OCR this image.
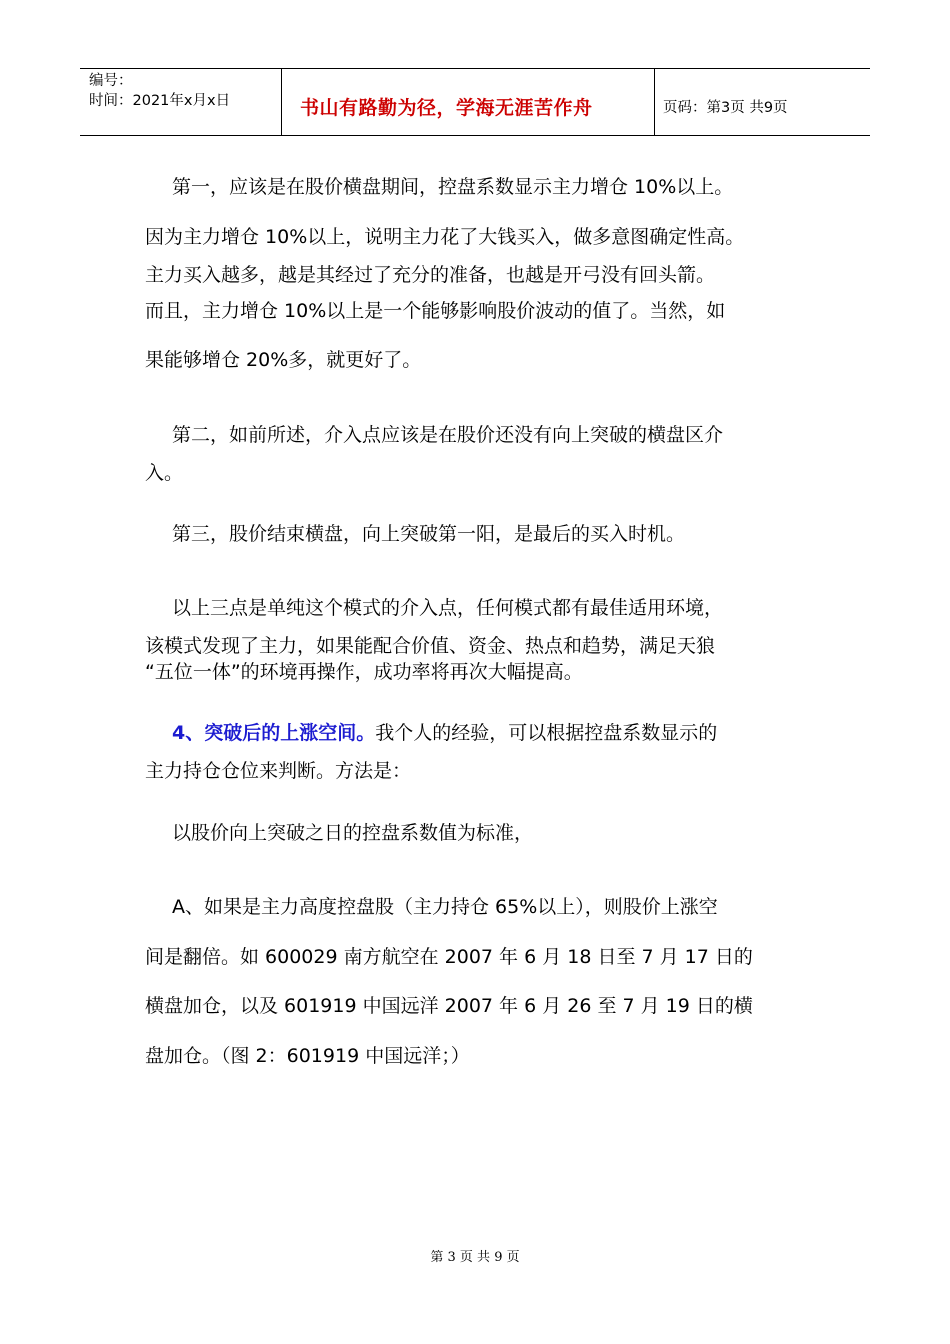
编号：
时间：2021年x月x日	书山有路勤为径，学海无涯苦作舟	页码：第3页 共9页
第一，应该是在股价横盘期间，控盘系数显示主力增仓 10%以上。
因为主力增仓 10%以上，说明主力花了大钱买入，做多意图确定性高。
主力买入越多，越是其经过了充分的准备，也越是开弓没有回头箭。
而且，主力增仓 10%以上是一个能够影响股价波动的值了。当然，如
果能够增仓 20%多，就更好了。
第二，如前所述，介入点应该是在股价还没有向上突破的横盘区介
入。
第三，股价结束横盘，向上突破第一阳，是最后的买入时机。
以上三点是单纯这个模式的介入点，任何模式都有最佳适用环境，
该模式发现了主力，如果能配合价值、资金、热点和趋势，满足天狼
“五位一体”的环境再操作，成功率将再次大幅提高。
4、突破后的上涨空间。我个人的经验，可以根据控盘系数显示的
主力持仓仓位来判断。方法是：
以股价向上突破之日的控盘系数值为标准，
A、如果是主力高度控盘股（主力持仓 65%以上），则股价上涨空
间是翻倍。如 600029 南方航空在 2007 年 6 月 18 日至 7 月 17 日的
横盘加仓，以及 601919 中国远洋 2007 年 6 月 26 至 7 月 19 日的横
盘加仓。（图 2：601919 中国远洋；）
第 3 页 共 9 页
